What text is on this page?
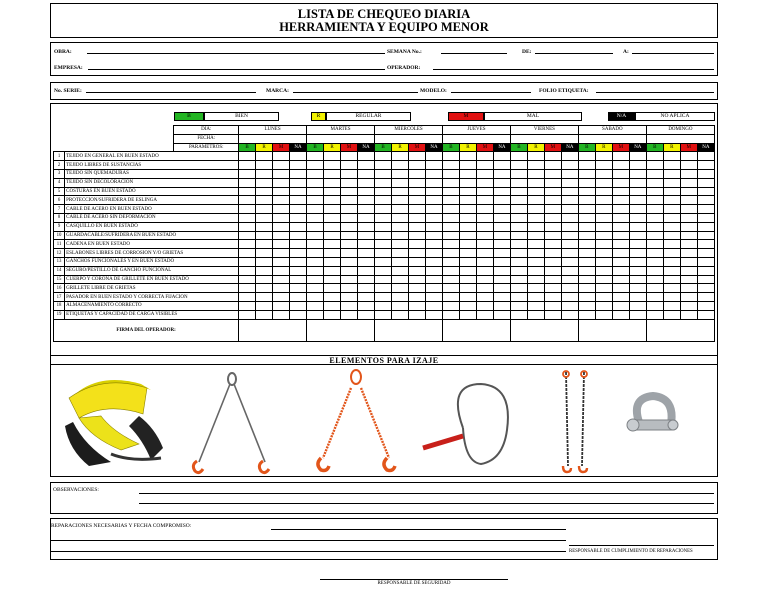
LISTA DE CHEQUEO DIARIA
HERRAMIENTA Y EQUIPO MENOR
OBRA:	SEMANA No.:	DE:	A:
EMPRESA:	OPERADOR:
No. SERIE:	MARCA:	MODELO:	FOLIO ETIQUETA:
B	BIEN	R	REGULAR	M	MAL	N/A	NO APLICA
		DIA:	LUNES				MARTES				MIERCOLES				JUEVES				VIERNES				SABADO				DOMINGO			
		FECHA:																												
		PARAMETROS:	B	R	M	NA	B	R	M	NA	B	R	M	NA	B	R	M	NA	B	R	M	NA	B	R	M	NA	B	R	M	NA
1	TEJIDO EN GENERAL EN BUEN ESTADO																													
2	TEJIDO LIBRES DE SUSTANCIAS																													
3	TEJIDO SIN QUEMADURAS																													
4	TEJIDO SIN DECOLORACION																													
5	COSTURAS EN BUEN ESTADO																													
6	PROTECCION/SUFRIDERA DE ESLINGA																													
7	CABLE DE ACERO EN BUEN ESTADO																													
8	CABLE DE ACERO SIN DEFORMACION																													
9	CASQUILLO EN BUEN ESTADO																													
10	GUARDACABLE/SUFRIDERA EN BUEN ESTADO																													
11	CADENA EN BUEN ESTADO																													
12	ESLABONES LIBRES DE CORROSION Y/O GRIETAS																													
13	GANCHOS FUNCIONALES Y EN BUEN ESTADO																													
14	SEGURO/PESTILLO DE GANCHO FUNCIONAL																													
15	CUERPO Y CORONA DE GRILLETE EN BUEN ESTADO																													
16	GRILLETE LIBRE DE GRIETAS																													
17	PASADOR EN BUEN ESTADO Y CORRECTA FIJACION																													
18	ALMACENAMIENTO CORRECTO																													
19	ETIQUETAS Y CAPACIDAD DE CARGA VISIBLES																													
FIRMA DEL OPERADOR:																														
ELEMENTOS PARA IZAJE
OBSERVACIONES:
REPARACIONES NECESARIAS Y FECHA COMPROMISO:
RESPONSABLE DE CUMPLIMIENTO DE REPARACIONES
RESPONSABLE DE SEGURIDAD
